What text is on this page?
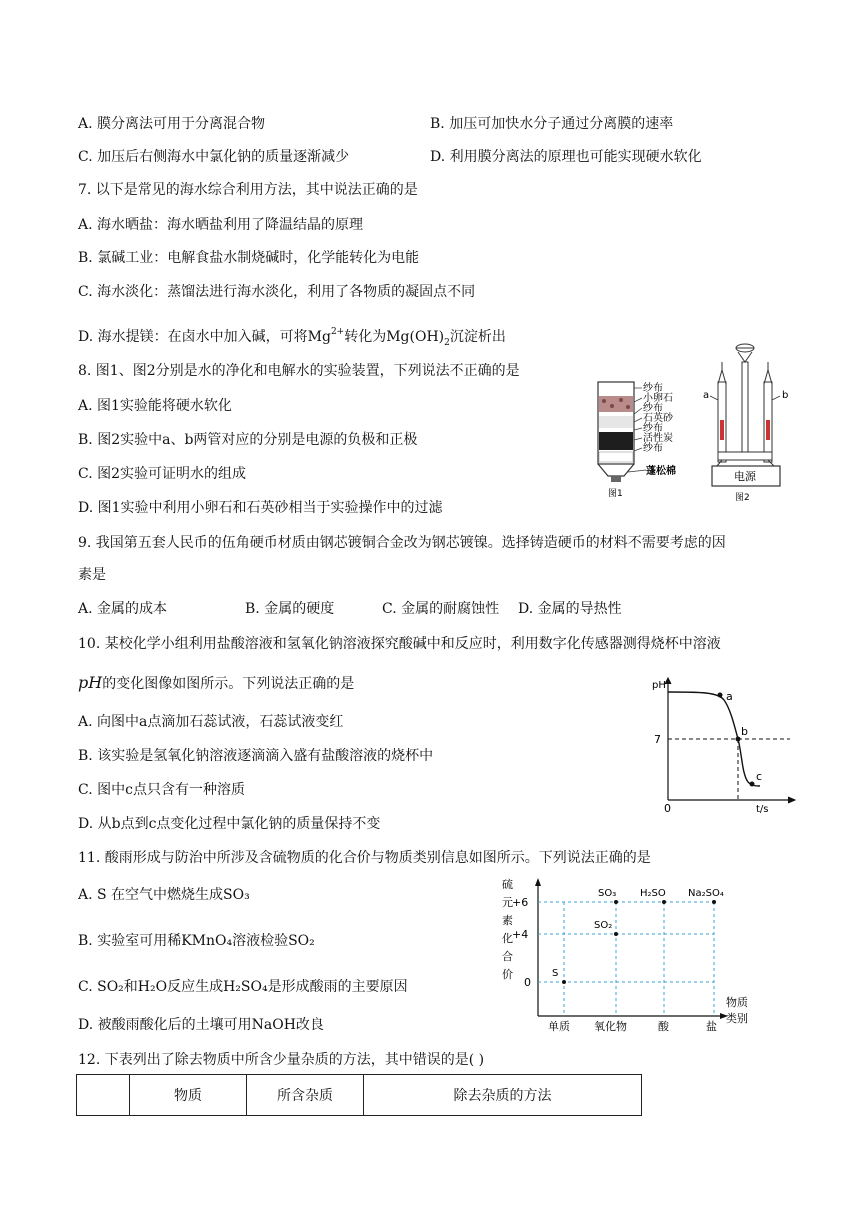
A. 膜分离法可用于分离混合物	B. 加压可加快水分子通过分离膜的速率
C. 加压后右侧海水中氯化钠的质量逐渐减少	D. 利用膜分离法的原理也可能实现硬水软化
7. 以下是常见的海水综合利用方法，其中说法正确的是
A. 海水晒盐：海水晒盐利用了降温结晶的原理
B. 氯碱工业：电解食盐水制烧碱时，化学能转化为电能
C. 海水淡化：蒸馏法进行海水淡化，利用了各物质的凝固点不同
D. 海水提镁：在卤水中加入碱，可将$Mg^{2+}$转化为$Mg(OH)_2$沉淀析出
8. 图1、图2分别是水的净化和电解水的实验装置，下列说法不正确的是
A. 图1实验能将硬水软化
B. 图2实验中a、b两管对应的分别是电源的负极和正极
C. 图2实验可证明水的组成
D. 图1实验中利用小卵石和石英砂相当于实验操作中的过滤
纱布
小卵石
纱布
石英砂
纱布
活性炭
纱布
蓬松棉
图1
a	b
电源
图2
9. 我国第五套人民币的伍角硬币材质由钢芯镀铜合金改为钢芯镀镍。选择铸造硬币的材料不需要考虑的因
素是
A. 金属的成本	B. 金属的硬度	C. 金属的耐腐蚀性 D. 金属的导热性
10. 某校化学小组利用盐酸溶液和氢氧化钠溶液探究酸碱中和反应时，利用数字化传感器测得烧杯中溶液
pH的变化图像如图所示。下列说法正确的是
A. 向图中a点滴加石蕊试液，石蕊试液变红
B. 该实验是氢氧化钠溶液逐滴滴入盛有盐酸溶液的烧杯中
C. 图中c点只含有一种溶质
D. 从b点到c点变化过程中氯化钠的质量保持不变
pH
0	t/s
7
a
b
c
11. 酸雨形成与防治中所涉及含硫物质的化合价与物质类别信息如图所示。下列说法正确的是
A. S 在空气中燃烧生成SO₃
B. 实验室可用稀KMnO₄溶液检验SO₂
C. SO₂和H₂O反应生成H₂SO₄是形成酸雨的主要原因
D. 被酸雨酸化后的土壤可用NaOH改良
硫
元
素
化
合
价
+6
+4
0
SO₃ H₂SO Na₂SO₄
SO₂
S
物质
类别
单质 氧化物	酸	盐
12. 下表列出了除去物质中所含少量杂质的方法，其中错误的是( )
	物质	所含杂质	除去杂质的方法
